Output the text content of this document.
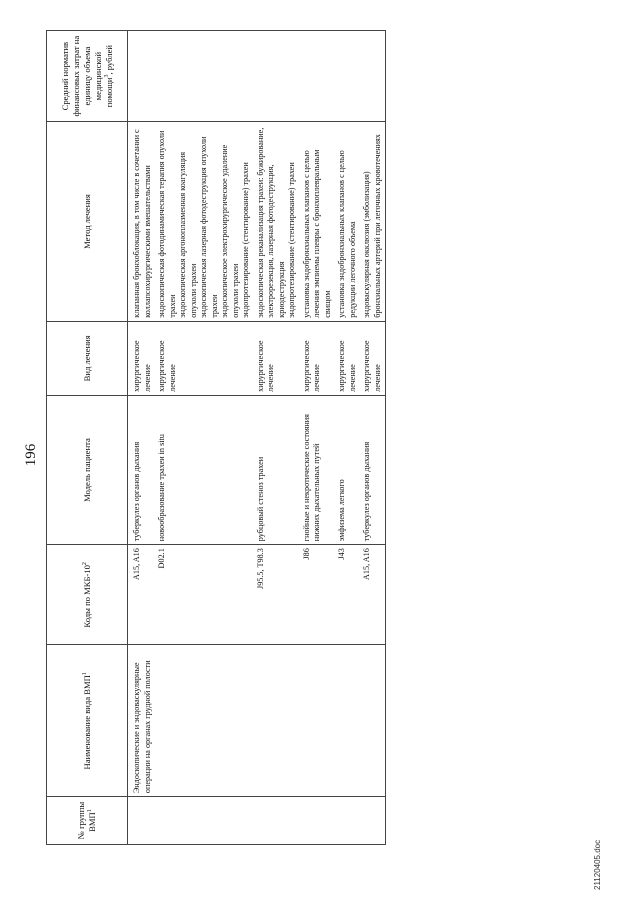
196
№ группы ВМП$^1$	Наименование вида ВМП$^1$	Коды по МКБ-$10^2$	Модель пациента	Вид лечения	Метод лечения	Средний норматив финансовых затрат на единицу объема медицинской помощи$^3$, рублей
	Эндоскопические и эндоваскулярные операции на органах грудной полости	A15, A16	туберкулез органов дыхания	хирургическое лечение	клапанная бронхоблокация, в том числе в сочетании с коллапсохирургическими вмешательствами	

		D02.1	новообразование трахеи in situ	хирургическое лечение	эндоскопическая фотодинамическая терапия опухоли трахеи эндоскопическая аргоноплазменная коагуляция опухоли трахеи эндоскопическая лазерная фотодеструкция опухоли трахеи эндоскопическое электрохирургическое удаление опухоли трахеи эндопротезирование (стентирование) трахеи	

		J95.5, T98.3	рубцовый стеноз трахеи	хирургическое лечение	эндоскопическая реканализация трахеи: бужирование, электрорезекция, лазерная фотодеструкция, криодеструкция эндопротезирование (стентирование) трахеи	

		J86	гнойные и некротические состояния нижних дыхательных путей	хирургическое лечение	установка эндобронхиальных клапанов с целью лечения эмпиемы плевры с бронхоплевральным свищом	

		J43	эмфизема легкого	хирургическое лечение	установка эндобронхиальных клапанов с целью редукции легочного объема	

		A15, A16	туберкулез органов дыхания	хирургическое лечение	эндоваскулярная окклюзия (эмболизация) бронхиальных артерий при легочных кровотечениях	

21120405.doc
